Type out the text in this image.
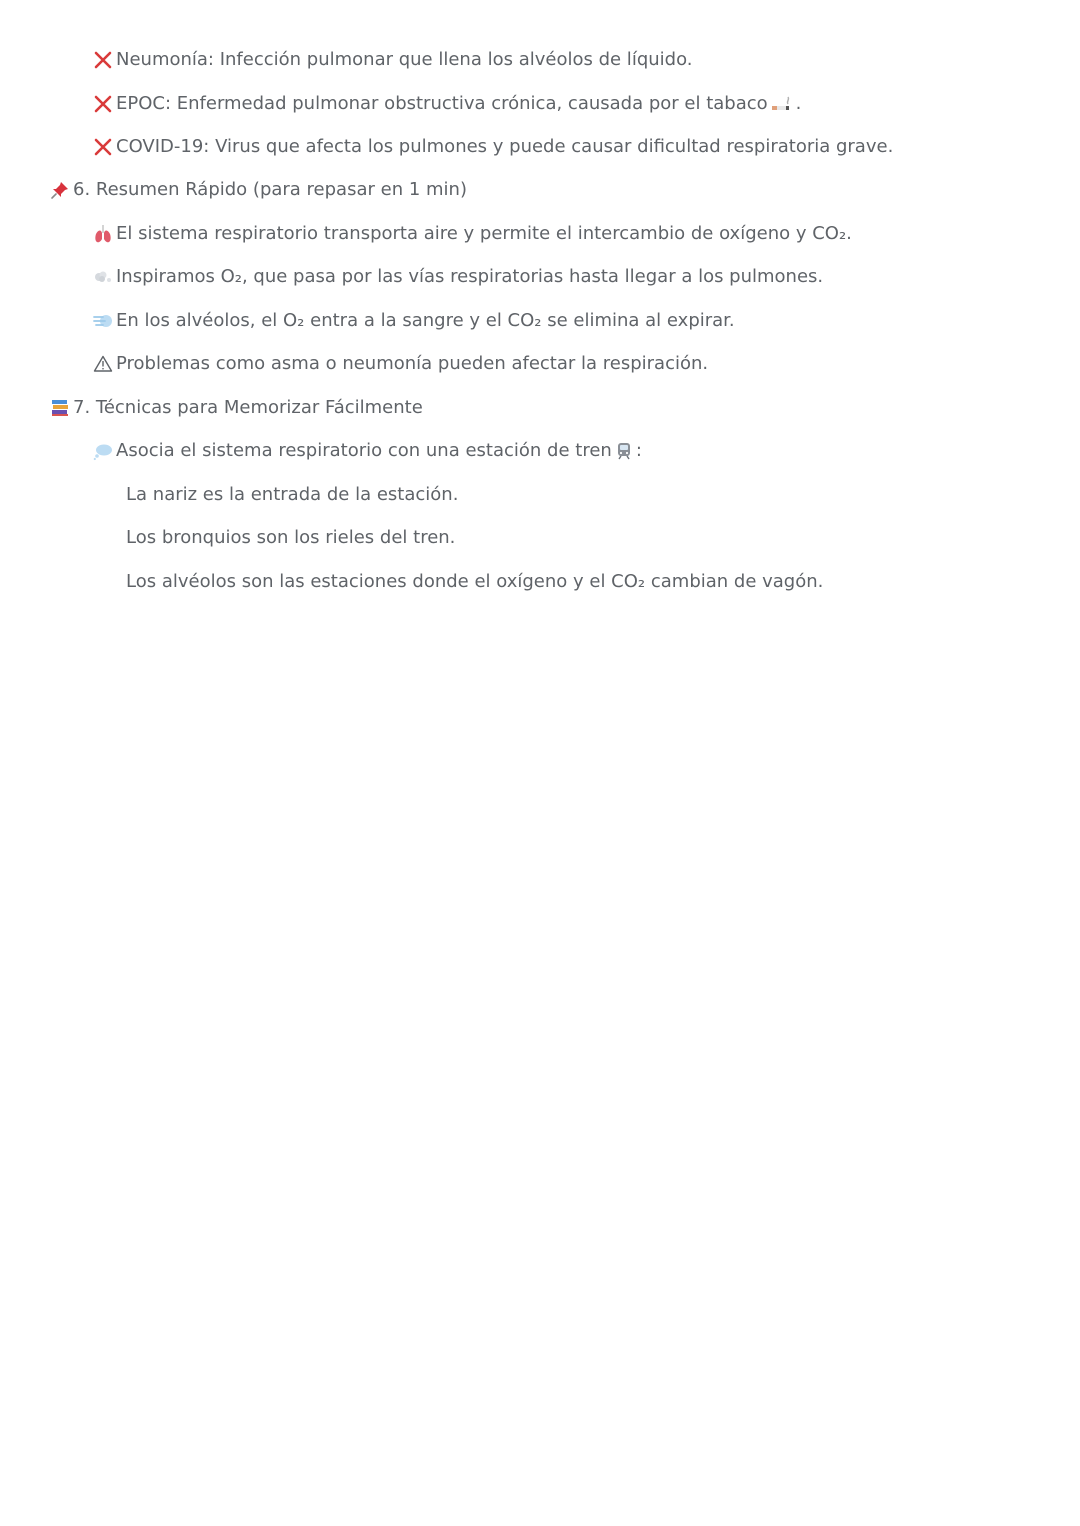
Neumonía: Infección pulmonar que llena los alvéolos de líquido.
EPOC: Enfermedad pulmonar obstructiva crónica, causada por el tabaco .
COVID-19: Virus que afecta los pulmones y puede causar dificultad respiratoria grave.
6. Resumen Rápido (para repasar en 1 min)
El sistema respiratorio transporta aire y permite el intercambio de oxígeno y CO₂.
Inspiramos O₂, que pasa por las vías respiratorias hasta llegar a los pulmones.
En los alvéolos, el O₂ entra a la sangre y el CO₂ se elimina al expirar.
Problemas como asma o neumonía pueden afectar la respiración.
7. Técnicas para Memorizar Fácilmente
Asocia el sistema respiratorio con una estación de tren :
La nariz es la entrada de la estación.
Los bronquios son los rieles del tren.
Los alvéolos son las estaciones donde el oxígeno y el CO₂ cambian de vagón.
